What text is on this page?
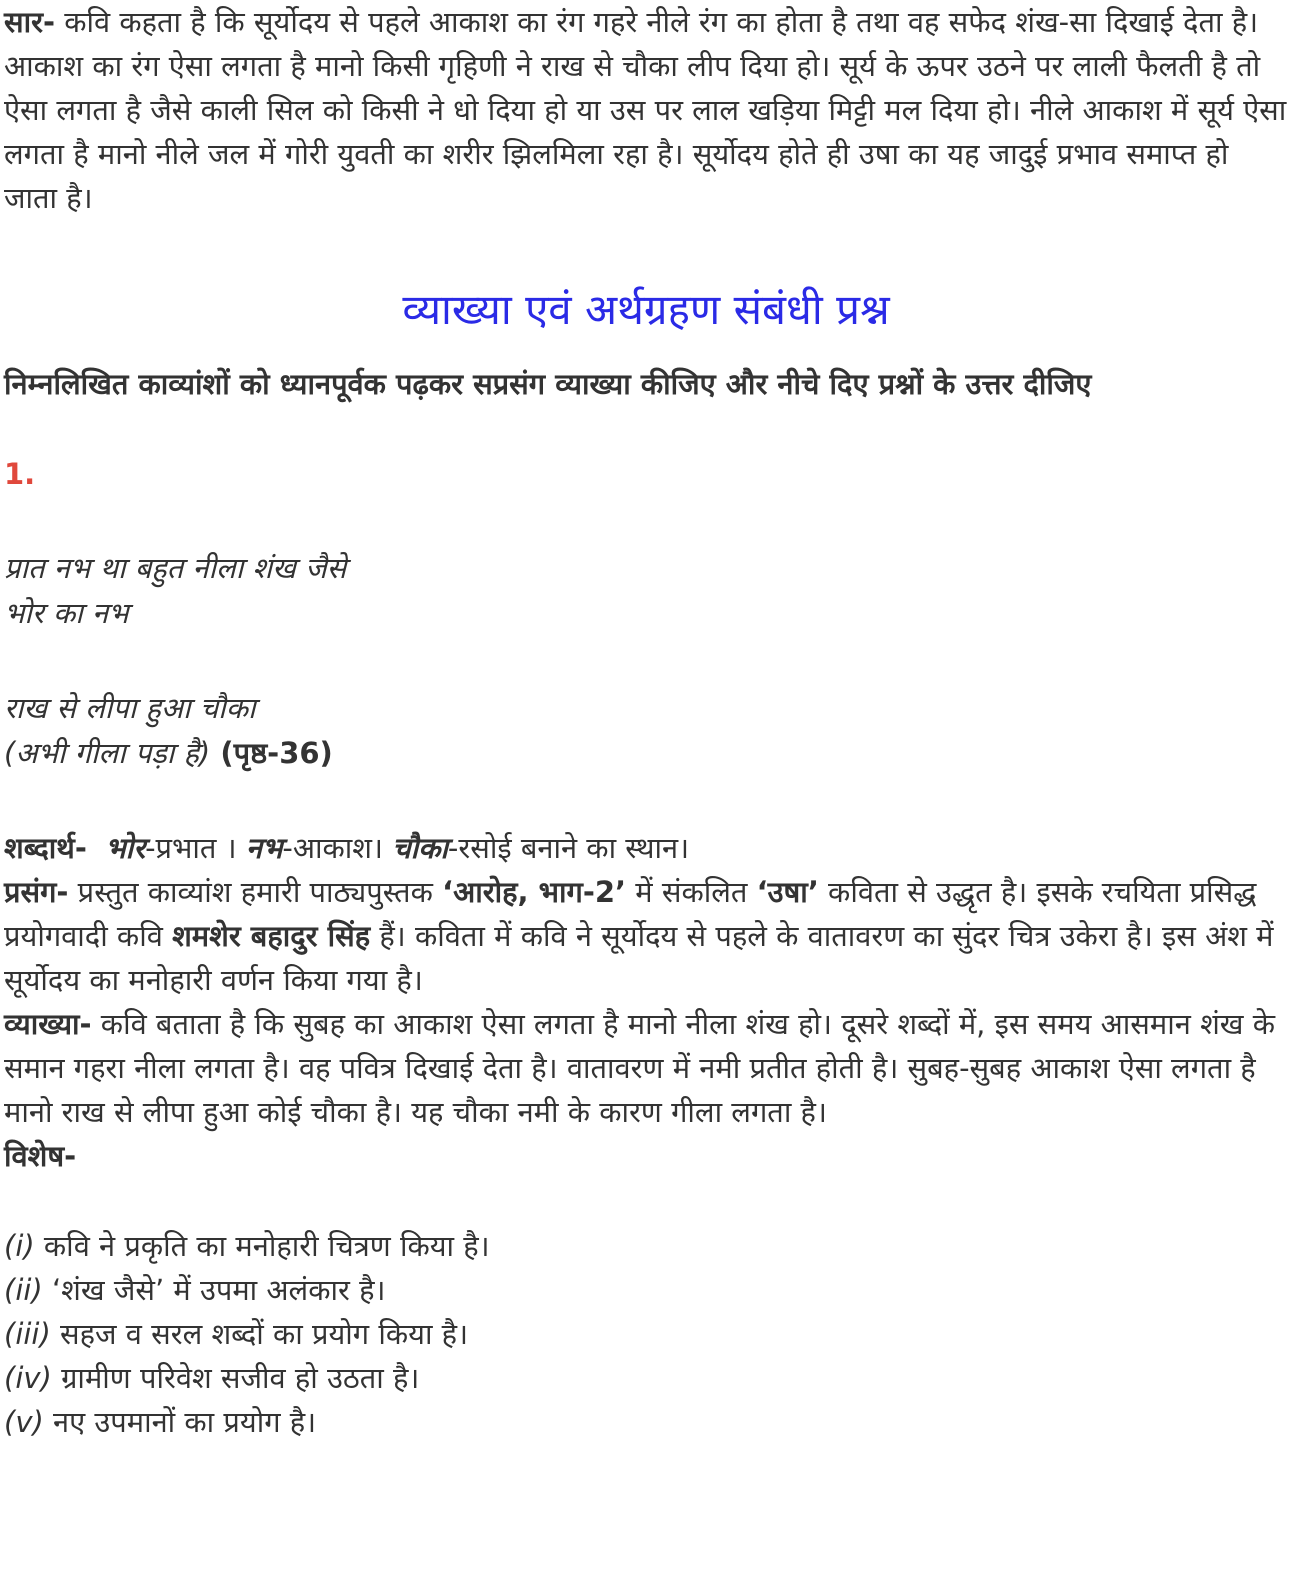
सार- कवि कहता है कि सूर्योदय से पहले आकाश का रंग गहरे नीले रंग का होता है तथा वह सफेद शंख-सा दिखाई देता है। आकाश का रंग ऐसा लगता है मानो किसी गृहिणी ने राख से चौका लीप दिया हो। सूर्य के ऊपर उठने पर लाली फैलती है तो ऐसा लगता है जैसे काली सिल को किसी ने धो दिया हो या उस पर लाल खड़िया मिट्टी मल दिया हो। नीले आकाश में सूर्य ऐसा लगता है मानो नीले जल में गोरी युवती का शरीर झिलमिला रहा है। सूर्योदय होते ही उषा का यह जादुई प्रभाव समाप्त हो जाता है।

व्याख्या एवं अर्थग्रहण संबंधी प्रश्न

निम्नलिखित काव्यांशों को ध्यानपूर्वक पढ़कर सप्रसंग व्याख्या कीजिए और नीचे दिए प्रश्नों के उत्तर दीजिए

1.

प्रात नभ था बहुत नीला शंख जैसे

भोर का नभ

राख से लीपा हुआ चौका

(अभी गीला पड़ा है) (पृष्ठ-36)

शब्दार्थ- भोर-प्रभात । नभ-आकाश। चौका-रसोई बनाने का स्थान।

प्रसंग- प्रस्तुत काव्यांश हमारी पाठ्यपुस्तक ‘आरोह, भाग-2’ में संकलित ‘उषा’ कविता से उद्धृत है। इसके रचयिता प्रसिद्ध प्रयोगवादी कवि शमशेर बहादुर सिंह हैं। कविता में कवि ने सूर्योदय से पहले के वातावरण का सुंदर चित्र उकेरा है। इस अंश में सूर्योदय का मनोहारी वर्णन किया गया है।

व्याख्या- कवि बताता है कि सुबह का आकाश ऐसा लगता है मानो नीला शंख हो। दूसरे शब्दों में, इस समय आसमान शंख के समान गहरा नीला लगता है। वह पवित्र दिखाई देता है। वातावरण में नमी प्रतीत होती है। सुबह-सुबह आकाश ऐसा लगता है मानो राख से लीपा हुआ कोई चौका है। यह चौका नमी के कारण गीला लगता है।

विशेष-

(i) कवि ने प्रकृति का मनोहारी चित्रण किया है।

(ii) ‘शंख जैसे’ में उपमा अलंकार है।

(iii) सहज व सरल शब्दों का प्रयोग किया है।

(iv) ग्रामीण परिवेश सजीव हो उठता है।

(v) नए उपमानों का प्रयोग है।
